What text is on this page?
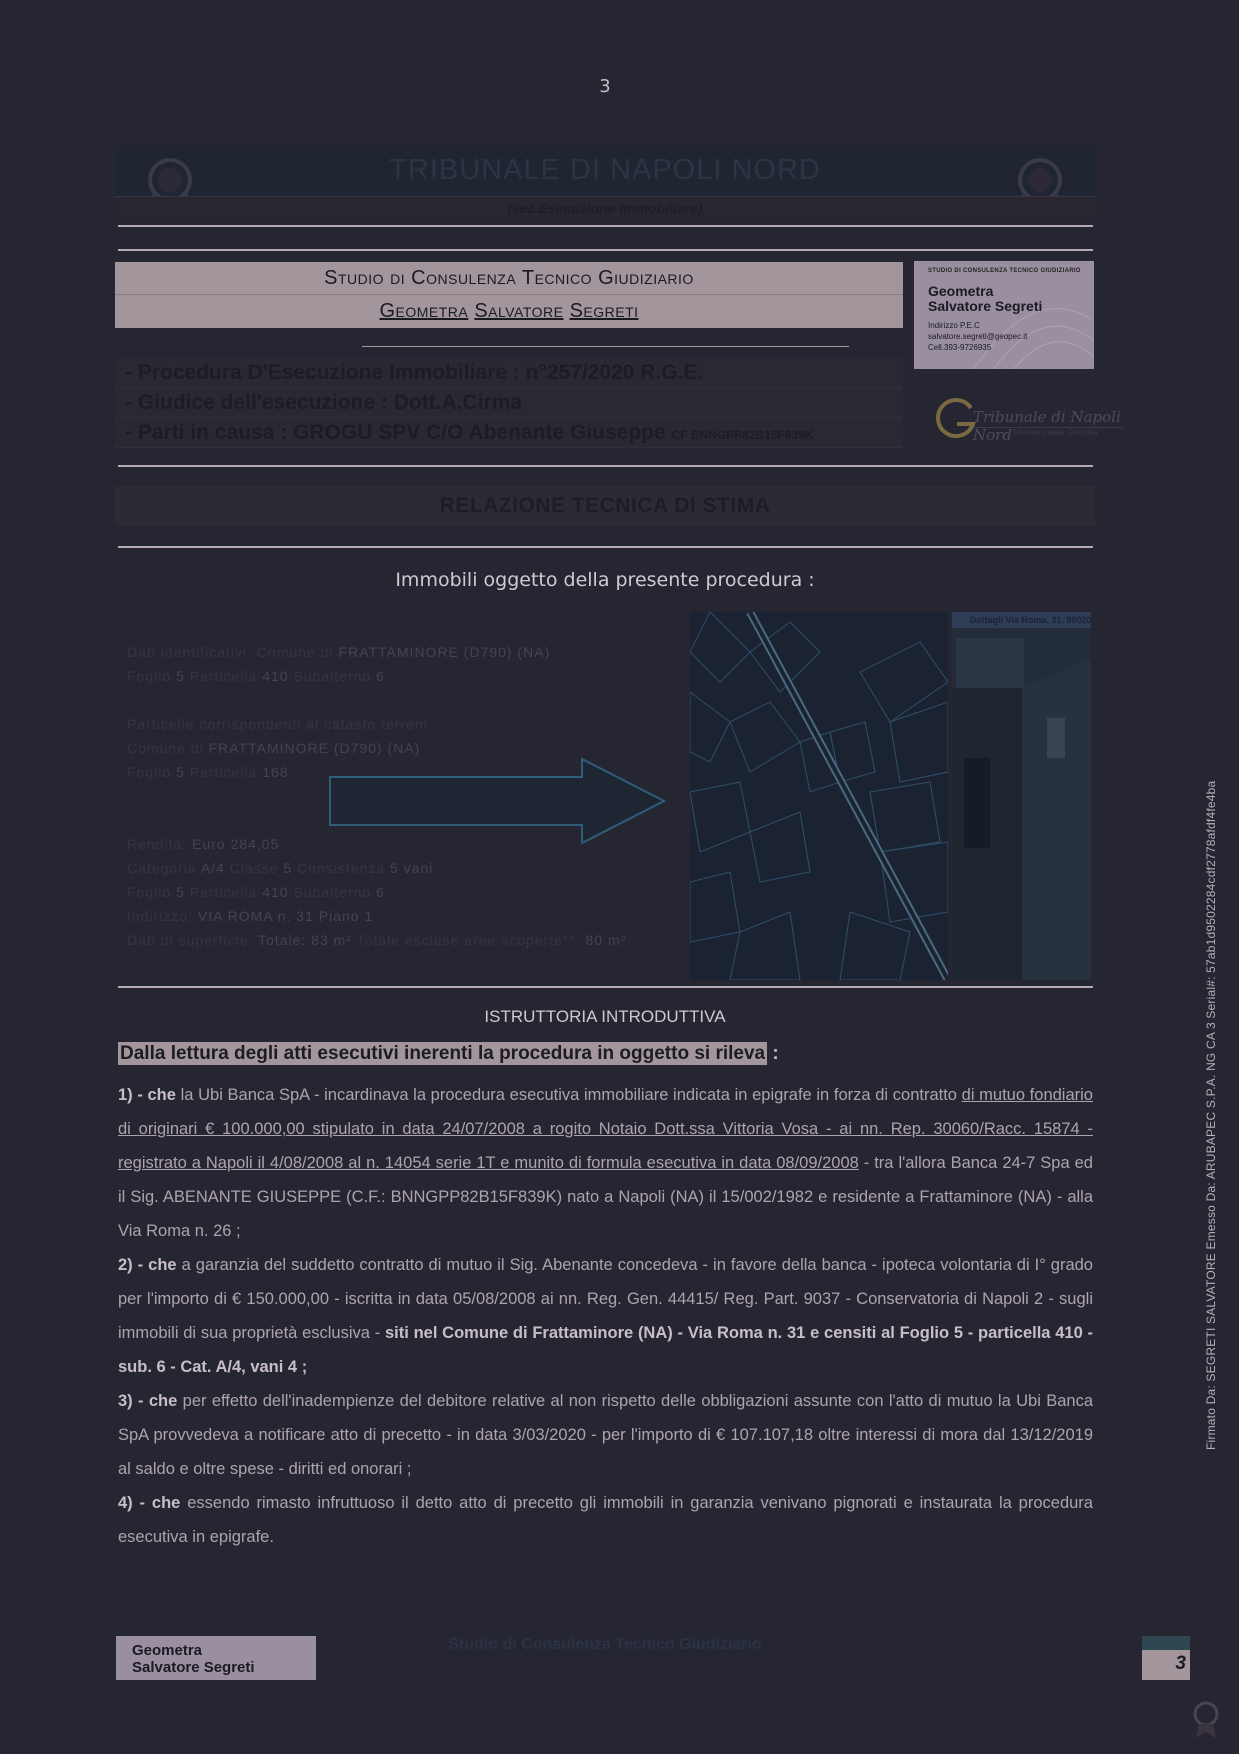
3
TRIBUNALE DI NAPOLI NORD
(sez.Esecuzione Immobiliare)
Studio di Consulenza Tecnico Giudiziario
Geometra Salvatore Segreti
STUDIO DI CONSULENZA TECNICO GIUDIZIARIO
Geometra
Salvatore Segreti
Indirizzo P.E.C
salvatore.segreti@geopec.it
Cell.393-9726935
- Procedura D'Esecuzione Immobiliare : n°257/2020 R.G.E.
- Giudice dell'esecuzione : Dott.A.Cirma
- Parti in causa : GROGU SPV C/O Abenante Giuseppe CF BNNGPP82B15F839K
Tribunale di Napoli Nord Ministero della Giustizia
RELAZIONE TECNICA DI STIMA
Immobili oggetto della presente procedura :
Dati identificativi: Comune di FRATTAMINORE (D790) (NA)
Foglio 5 Particella 410 Subalterno 6
Particelle corrispondenti al catasto terreni
Comune di FRATTAMINORE (D790) (NA)
Foglio 5 Particella 168
Rendita: Euro 284,05
Categoria A/4 Classe 5 Consistenza 5 vani
Foglio 5 Particella 410 Subalterno 6
Indirizzo: VIA ROMA n. 31 Piano 1
Dati di superficie: Totale: 83 m² Totale escluse aree scoperte**: 80 m²
Dettagli Via Roma, 31, 80020
ISTRUTTORIA INTRODUTTIVA
Dalla lettura degli atti esecutivi inerenti la procedura in oggetto si rileva :

1) - che la Ubi Banca SpA - incardinava la procedura esecutiva immobiliare indicata in epigrafe in forza di contratto di mutuo fondiario di originari € 100.000,00 stipulato in data 24/07/2008 a rogito Notaio Dott.ssa Vittoria Vosa - ai nn. Rep. 30060/Racc. 15874 - registrato a Napoli il 4/08/2008 al n. 14054 serie 1T e munito di formula esecutiva in data 08/09/2008 - tra l'allora Banca 24-7 Spa ed il Sig. ABENANTE GIUSEPPE (C.F.: BNNGPP82B15F839K) nato a Napoli (NA) il 15/002/1982 e residente a Frattaminore (NA) - alla Via Roma n. 26 ;

2) - che a garanzia del suddetto contratto di mutuo il Sig. Abenante concedeva - in favore della banca - ipoteca volontaria di I° grado per l'importo di € 150.000,00 - iscritta in data 05/08/2008 ai nn. Reg. Gen. 44415/ Reg. Part. 9037 - Conservatoria di Napoli 2 - sugli immobili di sua proprietà esclusiva - siti nel Comune di Frattaminore (NA) - Via Roma n. 31 e censiti al Foglio 5 - particella 410 - sub. 6 - Cat. A/4, vani 4 ;

3) - che per effetto dell'inadempienze del debitore relative al non rispetto delle obbligazioni assunte con l'atto di mutuo la Ubi Banca SpA provvedeva a notificare atto di precetto - in data 3/03/2020 - per l'importo di € 107.107,18 oltre interessi di mora dal 13/12/2019 al saldo e oltre spese - diritti ed onorari ;

4) - che essendo rimasto infruttuoso il detto atto di precetto gli immobili in garanzia venivano pignorati e instaurata la procedura esecutiva in epigrafe.

Geometra
Salvatore Segreti
Studio di Consulenza Tecnico Giudiziario
3
Firmato Da: SEGRETI SALVATORE Emesso Da: ARUBAPEC S.P.A. NG CA 3 Serial#: 57ab1d9502284cdf2778afdf4fe4ba
